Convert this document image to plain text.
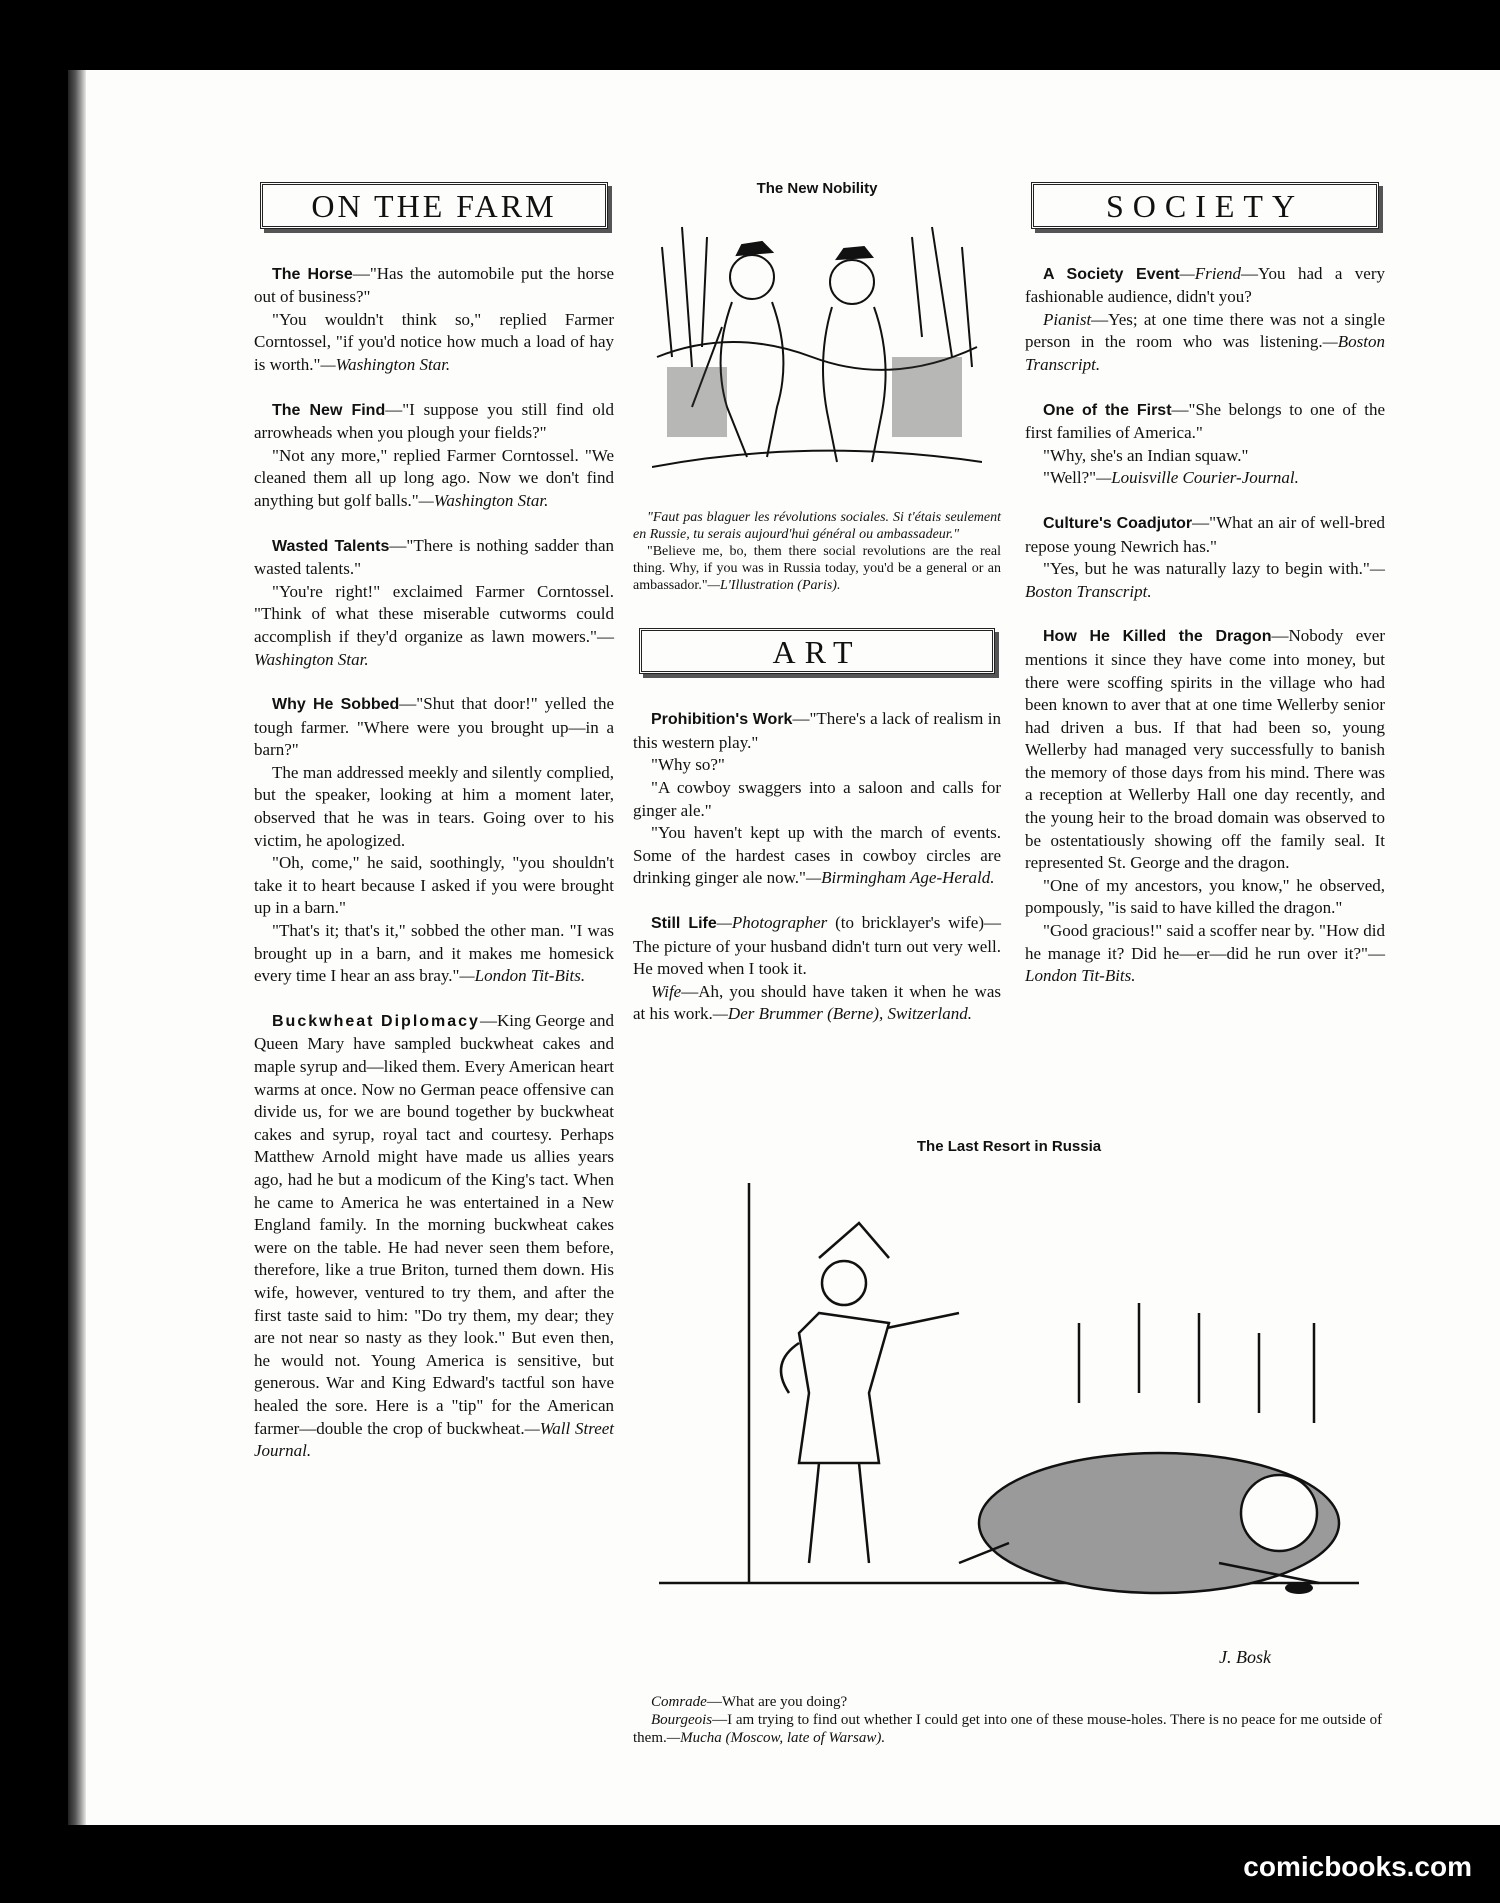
ON THE FARM

The Horse—"Has the automobile put the horse out of business?"

"You wouldn't think so," replied Farmer Corntossel, "if you'd notice how much a load of hay is worth."—Washington Star.

The New Find—"I suppose you still find old arrowheads when you plough your fields?"

"Not any more," replied Farmer Corntossel. "We cleaned them all up long ago. Now we don't find anything but golf balls."—Washington Star.

Wasted Talents—"There is nothing sadder than wasted talents."

"You're right!" exclaimed Farmer Corntossel. "Think of what these miserable cutworms could accomplish if they'd organize as lawn mowers."— Washington Star.

Why He Sobbed—"Shut that door!" yelled the tough farmer. "Where were you brought up—in a barn?"

The man addressed meekly and silently complied, but the speaker, looking at him a moment later, observed that he was in tears. Going over to his victim, he apologized.

"Oh, come," he said, soothingly, "you shouldn't take it to heart because I asked if you were brought up in a barn."

"That's it; that's it," sobbed the other man. "I was brought up in a barn, and it makes me homesick every time I hear an ass bray."—London Tit-Bits.

Buckwheat Diplomacy—King George and Queen Mary have sampled buckwheat cakes and maple syrup and—liked them. Every American heart warms at once. Now no German peace offensive can divide us, for we are bound together by buckwheat cakes and syrup, royal tact and courtesy. Perhaps Matthew Arnold might have made us allies years ago, had he but a modicum of the King's tact. When he came to America he was entertained in a New England family. In the morning buckwheat cakes were on the table. He had never seen them before, therefore, like a true Briton, turned them down. His wife, however, ventured to try them, and after the first taste said to him: "Do try them, my dear; they are not near so nasty as they look." But even then, he would not. Young America is sensitive, but generous. War and King Edward's tactful son have healed the sore. Here is a "tip" for the American farmer—double the crop of buckwheat.—Wall Street Journal.

The New Nobility

"Faut pas blaguer les révolutions sociales. Si t'étais seulement en Russie, tu serais aujourd'hui général ou ambassadeur."

"Believe me, bo, them there social revolutions are the real thing. Why, if you was in Russia today, you'd be a general or an ambassador."—L'Illustration (Paris).

ART

Prohibition's Work—"There's a lack of realism in this western play."

"Why so?"

"A cowboy swaggers into a saloon and calls for ginger ale."

"You haven't kept up with the march of events. Some of the hardest cases in cowboy circles are drinking ginger ale now."—Birmingham Age-Herald.

Still Life—Photographer (to bricklayer's wife)—The picture of your husband didn't turn out very well. He moved when I took it.

Wife—Ah, you should have taken it when he was at his work.—Der Brummer (Berne), Switzerland.

SOCIETY

A Society Event—Friend—You had a very fashionable audience, didn't you?

Pianist—Yes; at one time there was not a single person in the room who was listening.—Boston Transcript.

One of the First—"She belongs to one of the first families of America."

"Why, she's an Indian squaw."

"Well?"—Louisville Courier-Journal.

Culture's Coadjutor—"What an air of well-bred repose young Newrich has."

"Yes, but he was naturally lazy to begin with."—Boston Transcript.

How He Killed the Dragon—Nobody ever mentions it since they have come into money, but there were scoffing spirits in the village who had been known to aver that at one time Wellerby senior had driven a bus. If that had been so, young Wellerby had managed very successfully to banish the memory of those days from his mind. There was a reception at Wellerby Hall one day recently, and the young heir to the broad domain was observed to be ostentatiously showing off the family seal. It represented St. George and the dragon.

"One of my ancestors, you know," he observed, pompously, "is said to have killed the dragon."

"Good gracious!" said a scoffer near by. "How did he manage it? Did he—er—did he run over it?"— London Tit-Bits.

The Last Resort in Russia
J. Bosk

Comrade—What are you doing?

Bourgeois—I am trying to find out whether I could get into one of these mouse-holes. There is no peace for me outside of them.—Mucha (Moscow, late of Warsaw).

comicbooks.com
